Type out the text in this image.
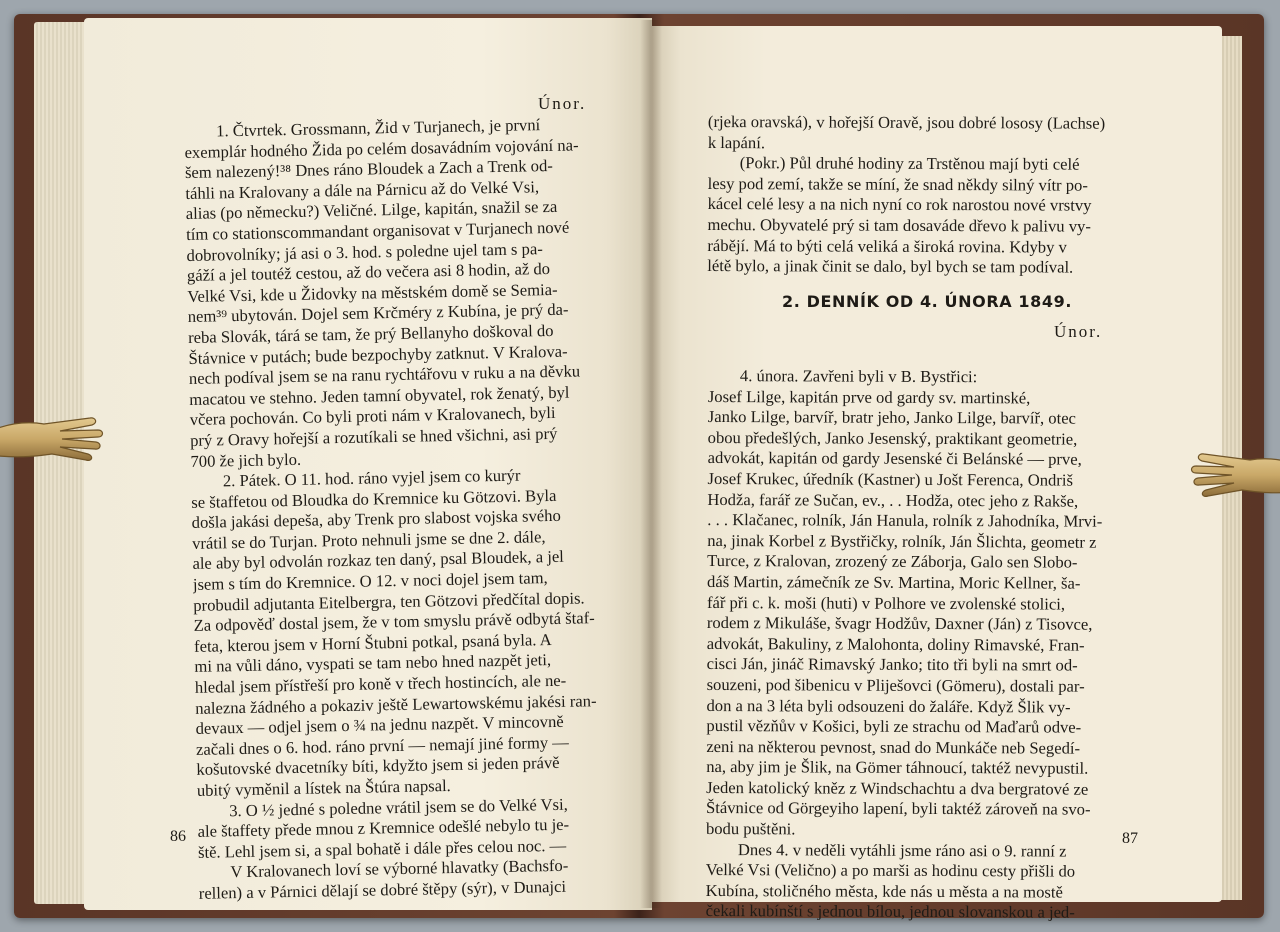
Únor.
1. Čtvrtek. Grossmann, Žid v Turjanech, je první
exemplár hodného Žida po celém dosavádním vojování na-
šem nalezený!³⁸ Dnes ráno Bloudek a Zach a Trenk od-
táhli na Kralovany a dále na Párnicu až do Velké Vsi,
alias (po německu?) Veličné. Lilge, kapitán, snažil se za
tím co stationscommandant organisovat v Turjanech nové
dobrovolníky; já asi o 3. hod. s poledne ujel tam s pa-
gáží a jel toutéž cestou, až do večera asi 8 hodin, až do
Velké Vsi, kde u Židovky na městském domě se Semia-
nem³⁹ ubytován. Dojel sem Krčméry z Kubína, je prý da-
reba Slovák, tárá se tam, že prý Bellanyho doškoval do
Štávnice v putách; bude bezpochyby zatknut. V Kralova-
nech podíval jsem se na ranu rychtářovu v ruku a na děvku
macatou ve stehno. Jeden tamní obyvatel, rok ženatý, byl
včera pochován. Co byli proti nám v Kralovanech, byli
prý z Oravy hořejší a rozutíkali se hned všichni, asi prý
700 že jich bylo.
2. Pátek. O 11. hod. ráno vyjel jsem co kurýr
se štaffetou od Bloudka do Kremnice ku Götzovi. Byla
došla jakási depeša, aby Trenk pro slabost vojska svého
vrátil se do Turjan. Proto nehnuli jsme se dne 2. dále,
ale aby byl odvolán rozkaz ten daný, psal Bloudek, a jel
jsem s tím do Kremnice. O 12. v noci dojel jsem tam,
probudil adjutanta Eitelbergra, ten Götzovi předčítal dopis.
Za odpověď dostal jsem, že v tom smyslu právě odbytá štaf-
feta, kterou jsem v Horní Štubni potkal, psaná byla. A
mi na vůli dáno, vyspati se tam nebo hned nazpět jeti,
hledal jsem přístřeší pro koně v třech hostincích, ale ne-
nalezna žádného a pokaziv ještě Lewartowskému jakési ran-
devaux — odjel jsem o ¾ na jednu nazpět. V mincovně
začali dnes o 6. hod. ráno první — nemají jiné formy —
košutovské dvacetníky bíti, kdyžto jsem si jeden právě
ubitý vyměnil a lístek na Štúra napsal.
3. O ½ jedné s poledne vrátil jsem se do Velké Vsi,
ale štaffety přede mnou z Kremnice odešlé nebylo tu je-
ště. Lehl jsem si, a spal bohatě i dále přes celou noc. —
V Kralovanech loví se výborné hlavatky (Bachsfo-
rellen) a v Párnici dělají se dobré štěpy (sýr), v Dunajci
86
(rjeka oravská), v hořejší Oravě, jsou dobré lososy (Lachse)
k lapání.
(Pokr.) Půl druhé hodiny za Trstěnou mají byti celé
lesy pod zemí, takže se míní, že snad někdy silný vítr po-
kácel celé lesy a na nich nyní co rok narostou nové vrstvy
mechu. Obyvatelé prý si tam dosaváde dřevo k palivu vy-
rábějí. Má to býti celá veliká a široká rovina. Kdyby v
létě bylo, a jinak činit se dalo, byl bych se tam podíval.
2. DENNÍK OD 4. ÚNORA 1849.
Únor.
4. února. Zavřeni byli v B. Bystřici:
Josef Lilge, kapitán prve od gardy sv. martinské,
Janko Lilge, barvíř, bratr jeho, Janko Lilge, barvíř, otec
obou předešlých, Janko Jesenský, praktikant geometrie,
advokát, kapitán od gardy Jesenské či Belánské — prve,
Josef Krukec, úředník (Kastner) u Jošt Ferenca, Ondriš
Hodža, farář ze Sučan, ev., . . Hodža, otec jeho z Rakše,
. . . Klačanec, rolník, Ján Hanula, rolník z Jahodníka, Mrvi-
na, jinak Korbel z Bystřičky, rolník, Ján Šlichta, geometr z
Turce, z Kralovan, zrozený ze Záborja, Galo sen Slobo-
dáš Martin, zámečník ze Sv. Martina, Moric Kellner, ša-
fář při c. k. moši (huti) v Polhore ve zvolenské stolici,
rodem z Mikuláše, švagr Hodžův, Daxner (Ján) z Tisovce,
advokát, Bakuliny, z Malohonta, doliny Rimavské, Fran-
cisci Ján, jináč Rimavský Janko; tito tři byli na smrt od-
souzeni, pod šibenicu v Pliješovci (Gömeru), dostali par-
don a na 3 léta byli odsouzeni do žaláře. Když Šlik vy-
pustil vězňův v Košici, byli ze strachu od Maďarů odve-
zeni na některou pevnost, snad do Munkáče neb Segedí-
na, aby jim je Šlik, na Gömer táhnoucí, taktéž nevypustil.
Jeden katolický kněz z Windschachtu a dva bergratové ze
Štávnice od Görgeyiho lapení, byli taktéž zároveň na svo-
bodu puštěni.
Dnes 4. v neděli vytáhli jsme ráno asi o 9. ranní z
Velké Vsi (Velično) a po marši as hodinu cesty přišli do
Kubína, stoličného města, kde nás u města a na mostě
čekali kubínští s jednou bílou, jednou slovanskou a jed-
87
